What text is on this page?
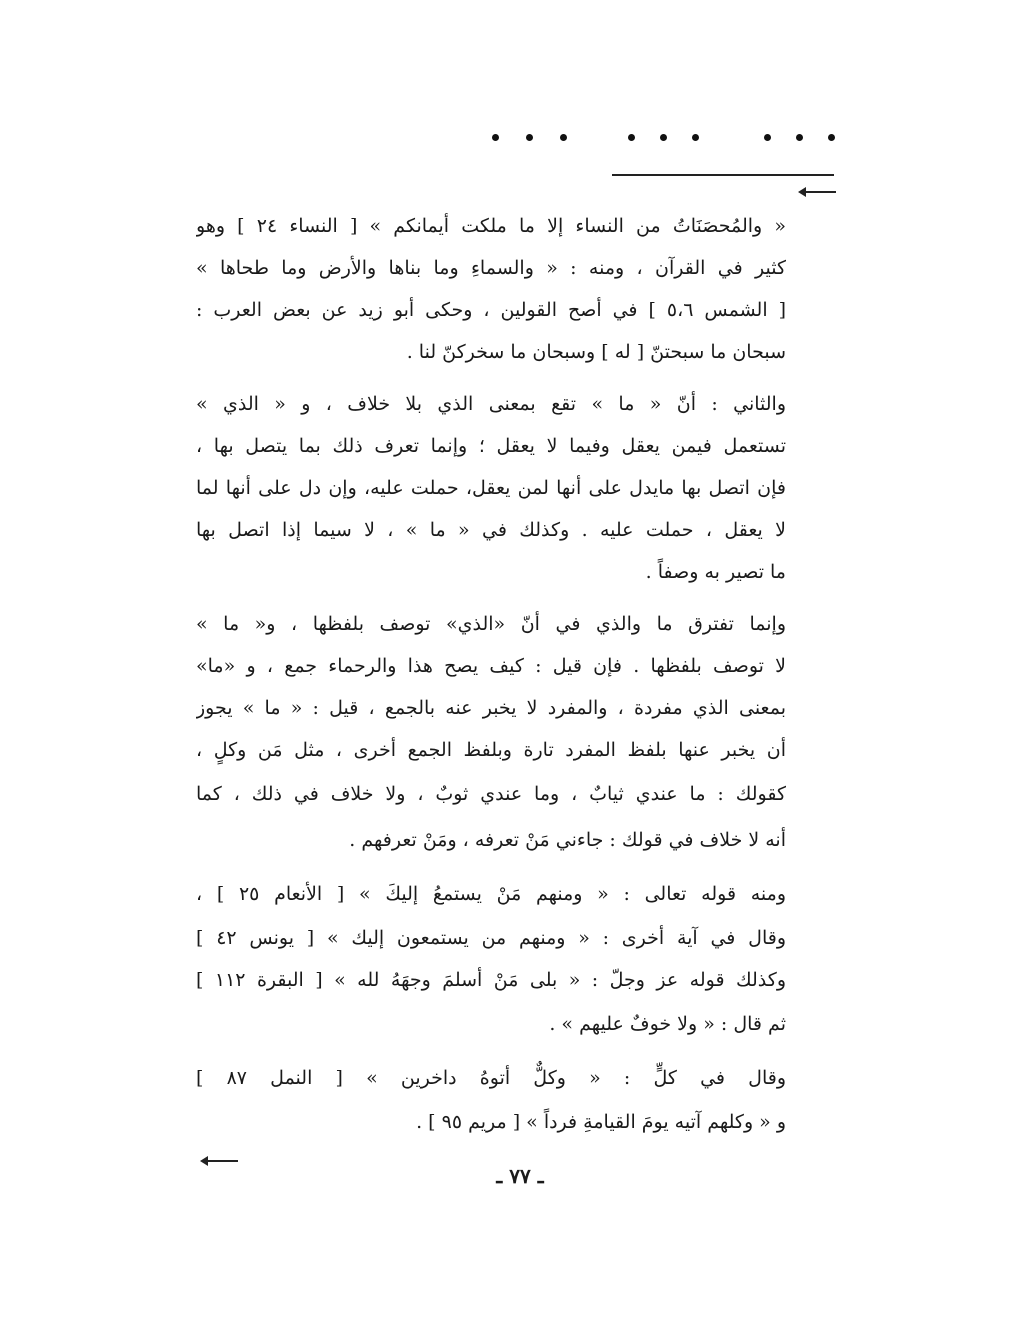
« والمُحصَنَاتُ من النساء إلا ما ملكت أيمانكم » [ النساء ٢٤ ] وهو
كثير في القرآن ، ومنه : « والسماءِ وما بناها والأرض وما طحاها »
[ الشمس ٥،٦ ] في أصح القولين ، وحكى أبو زيد عن بعض العرب :
سبحان ما سبحتنّ [ له ] وسبحان ما سخركنّ لنا .
والثاني : أنّ « ما » تقع بمعنى الذي بلا خلاف ، و « الذي »
تستعمل فيمن يعقل وفيما لا يعقل ؛ وإنما تعرف ذلك بما يتصل بها ،
فإن اتصل بها مايدل على أنها لمن يعقل، حملت عليه، وإن دل على أنها لما
لا يعقل ، حملت عليه . وكذلك في « ما » ، لا سيما إذا اتصل بها
ما تصير به وصفاً .
وإنما تفترق ما والذي في أنّ «الذي» توصف بلفظها ، و« ما »
لا توصف بلفظها . فإن قيل : كيف يصح هذا والرحماء جمع ، و «ما»
بمعنى الذي مفردة ، والمفرد لا يخبر عنه بالجمع ، قيل : « ما » يجوز
أن يخبر عنها بلفظ المفرد تارة وبلفظ الجمع أخرى ، مثل مَن وكلٍ ،
كقولك : ما عندي ثيابٌ ، وما عندي ثوبٌ ، ولا خلاف في ذلك ، كما
أنه لا خلاف في قولك : جاءني مَنْ تعرفه ، ومَنْ تعرفهم .
ومنه قوله تعالى : « ومنهم مَنْ يستمعُ إليكَ » [ الأنعام ٢٥ ] ،
وقال في آية أخرى : « ومنهم من يستمعون إليك » [ يونس ٤٢ ]
وكذلك قوله عز وجلّ : « بلى مَنْ أسلمَ وجهَهُ لله » [ البقرة ١١٢ ]
ثم قال : « ولا خوفٌ عليهم » .
وقال في كلٍّ : « وكلٌّ أتوهُ داخرين » [ النمل ٨٧ ]
و « وكلهم آتيه يومَ القيامةِ فرداً » [ مريم ٩٥ ] .
ـ ٧٧ ـ
